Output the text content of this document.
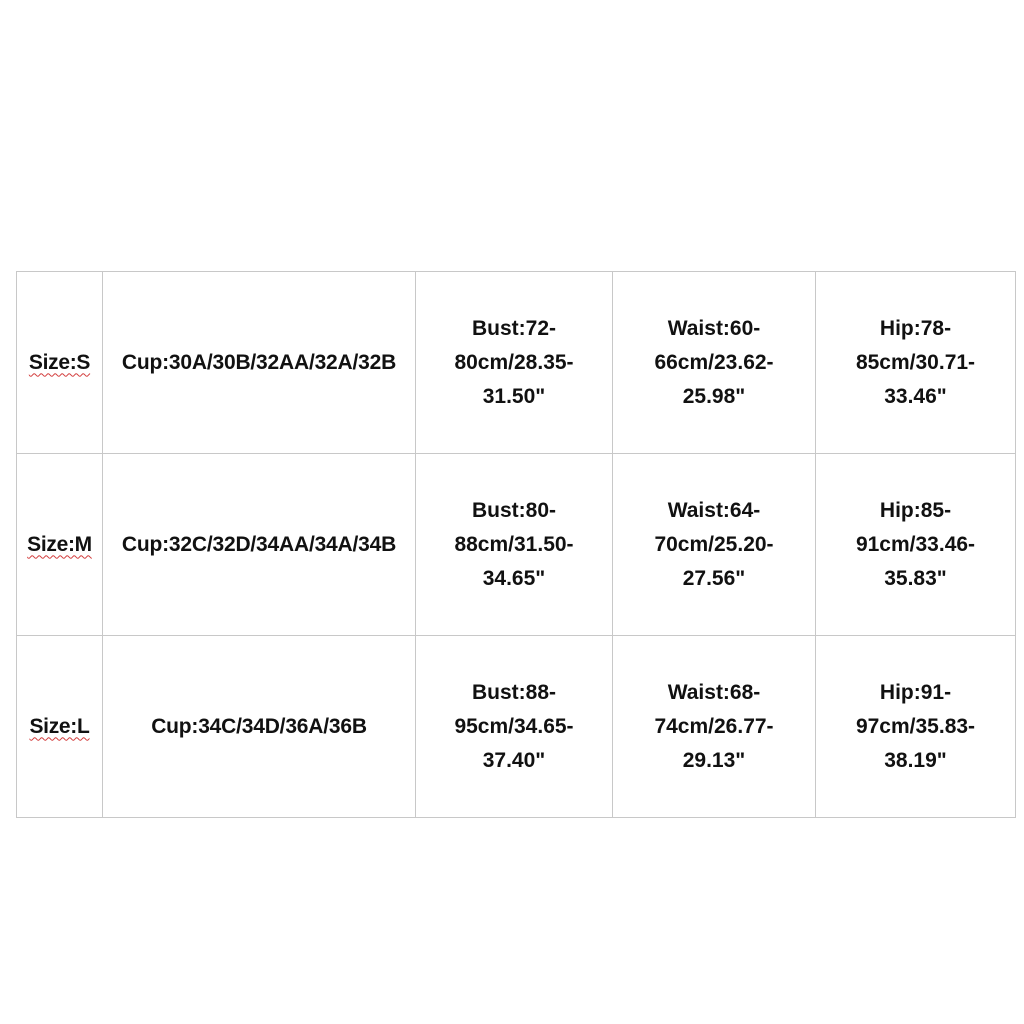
Size:S	Cup:30A/30B/32AA/32A/32B	Bust:72-
80cm/28.35-
31.50"	Waist:60-
66cm/23.62-
25.98"	Hip:78-
85cm/30.71-
33.46"
Size:M	Cup:32C/32D/34AA/34A/34B	Bust:80-
88cm/31.50-
34.65"	Waist:64-
70cm/25.20-
27.56"	Hip:85-
91cm/33.46-
35.83"
Size:L	Cup:34C/34D/36A/36B	Bust:88-
95cm/34.65-
37.40"	Waist:68-
74cm/26.77-
29.13"	Hip:91-
97cm/35.83-
38.19"
